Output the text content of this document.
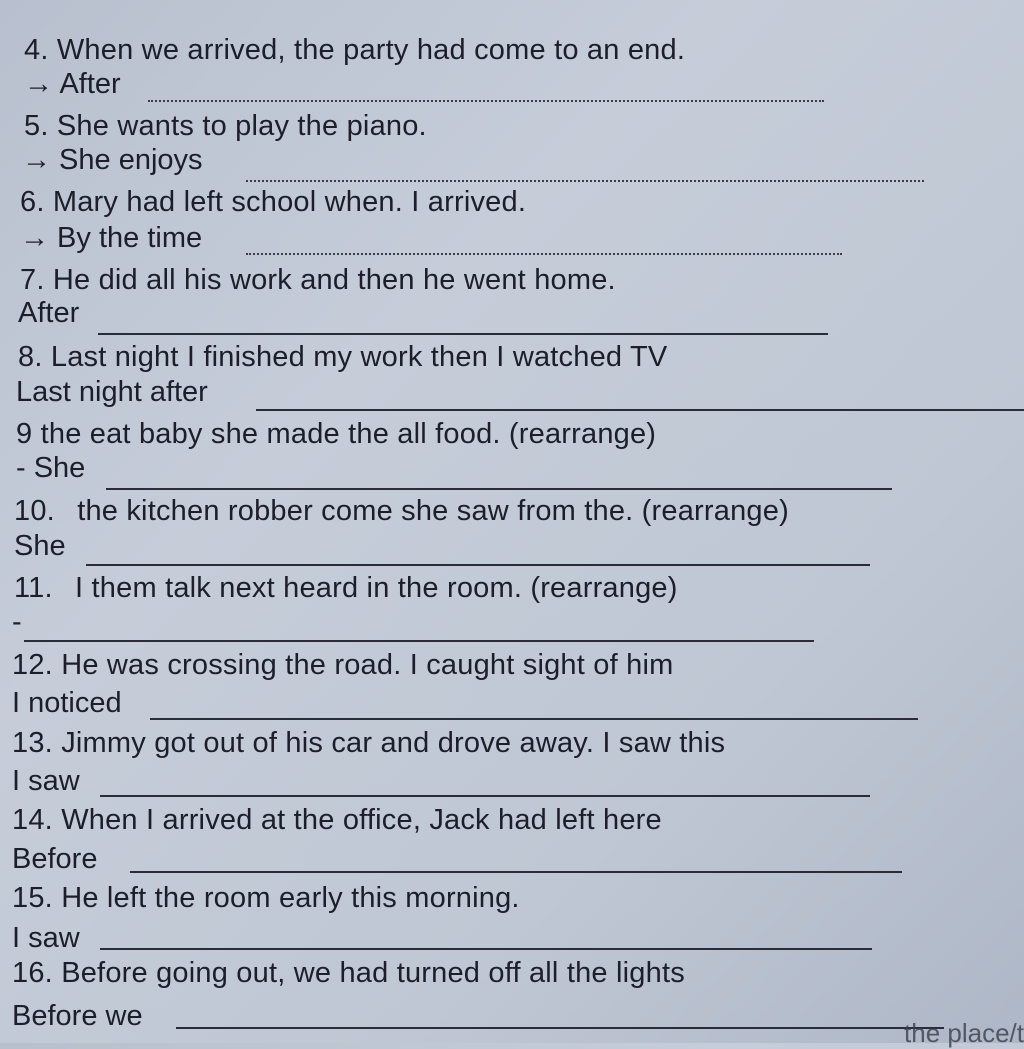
4. When we arrived, the party had come to an end.
→ After
5. She wants to play the piano.
→ She enjoys
6. Mary had left school when. I arrived.
→ By the time
7. He did all his work and then he went home.
After
8. Last night I finished my work then I watched TV
Last night after
9 the eat baby she made the all food. (rearrange)
- She
10. the kitchen robber come she saw from the. (rearrange)
She
11. I them talk next heard in the room. (rearrange)
-
12. He was crossing the road. I caught sight of him
I noticed
13. Jimmy got out of his car and drove away. I saw this
I saw
14. When I arrived at the office, Jack had left here
Before
15. He left the room early this morning.
I saw
16. Before going out, we had turned off all the lights
Before we
the place/t
